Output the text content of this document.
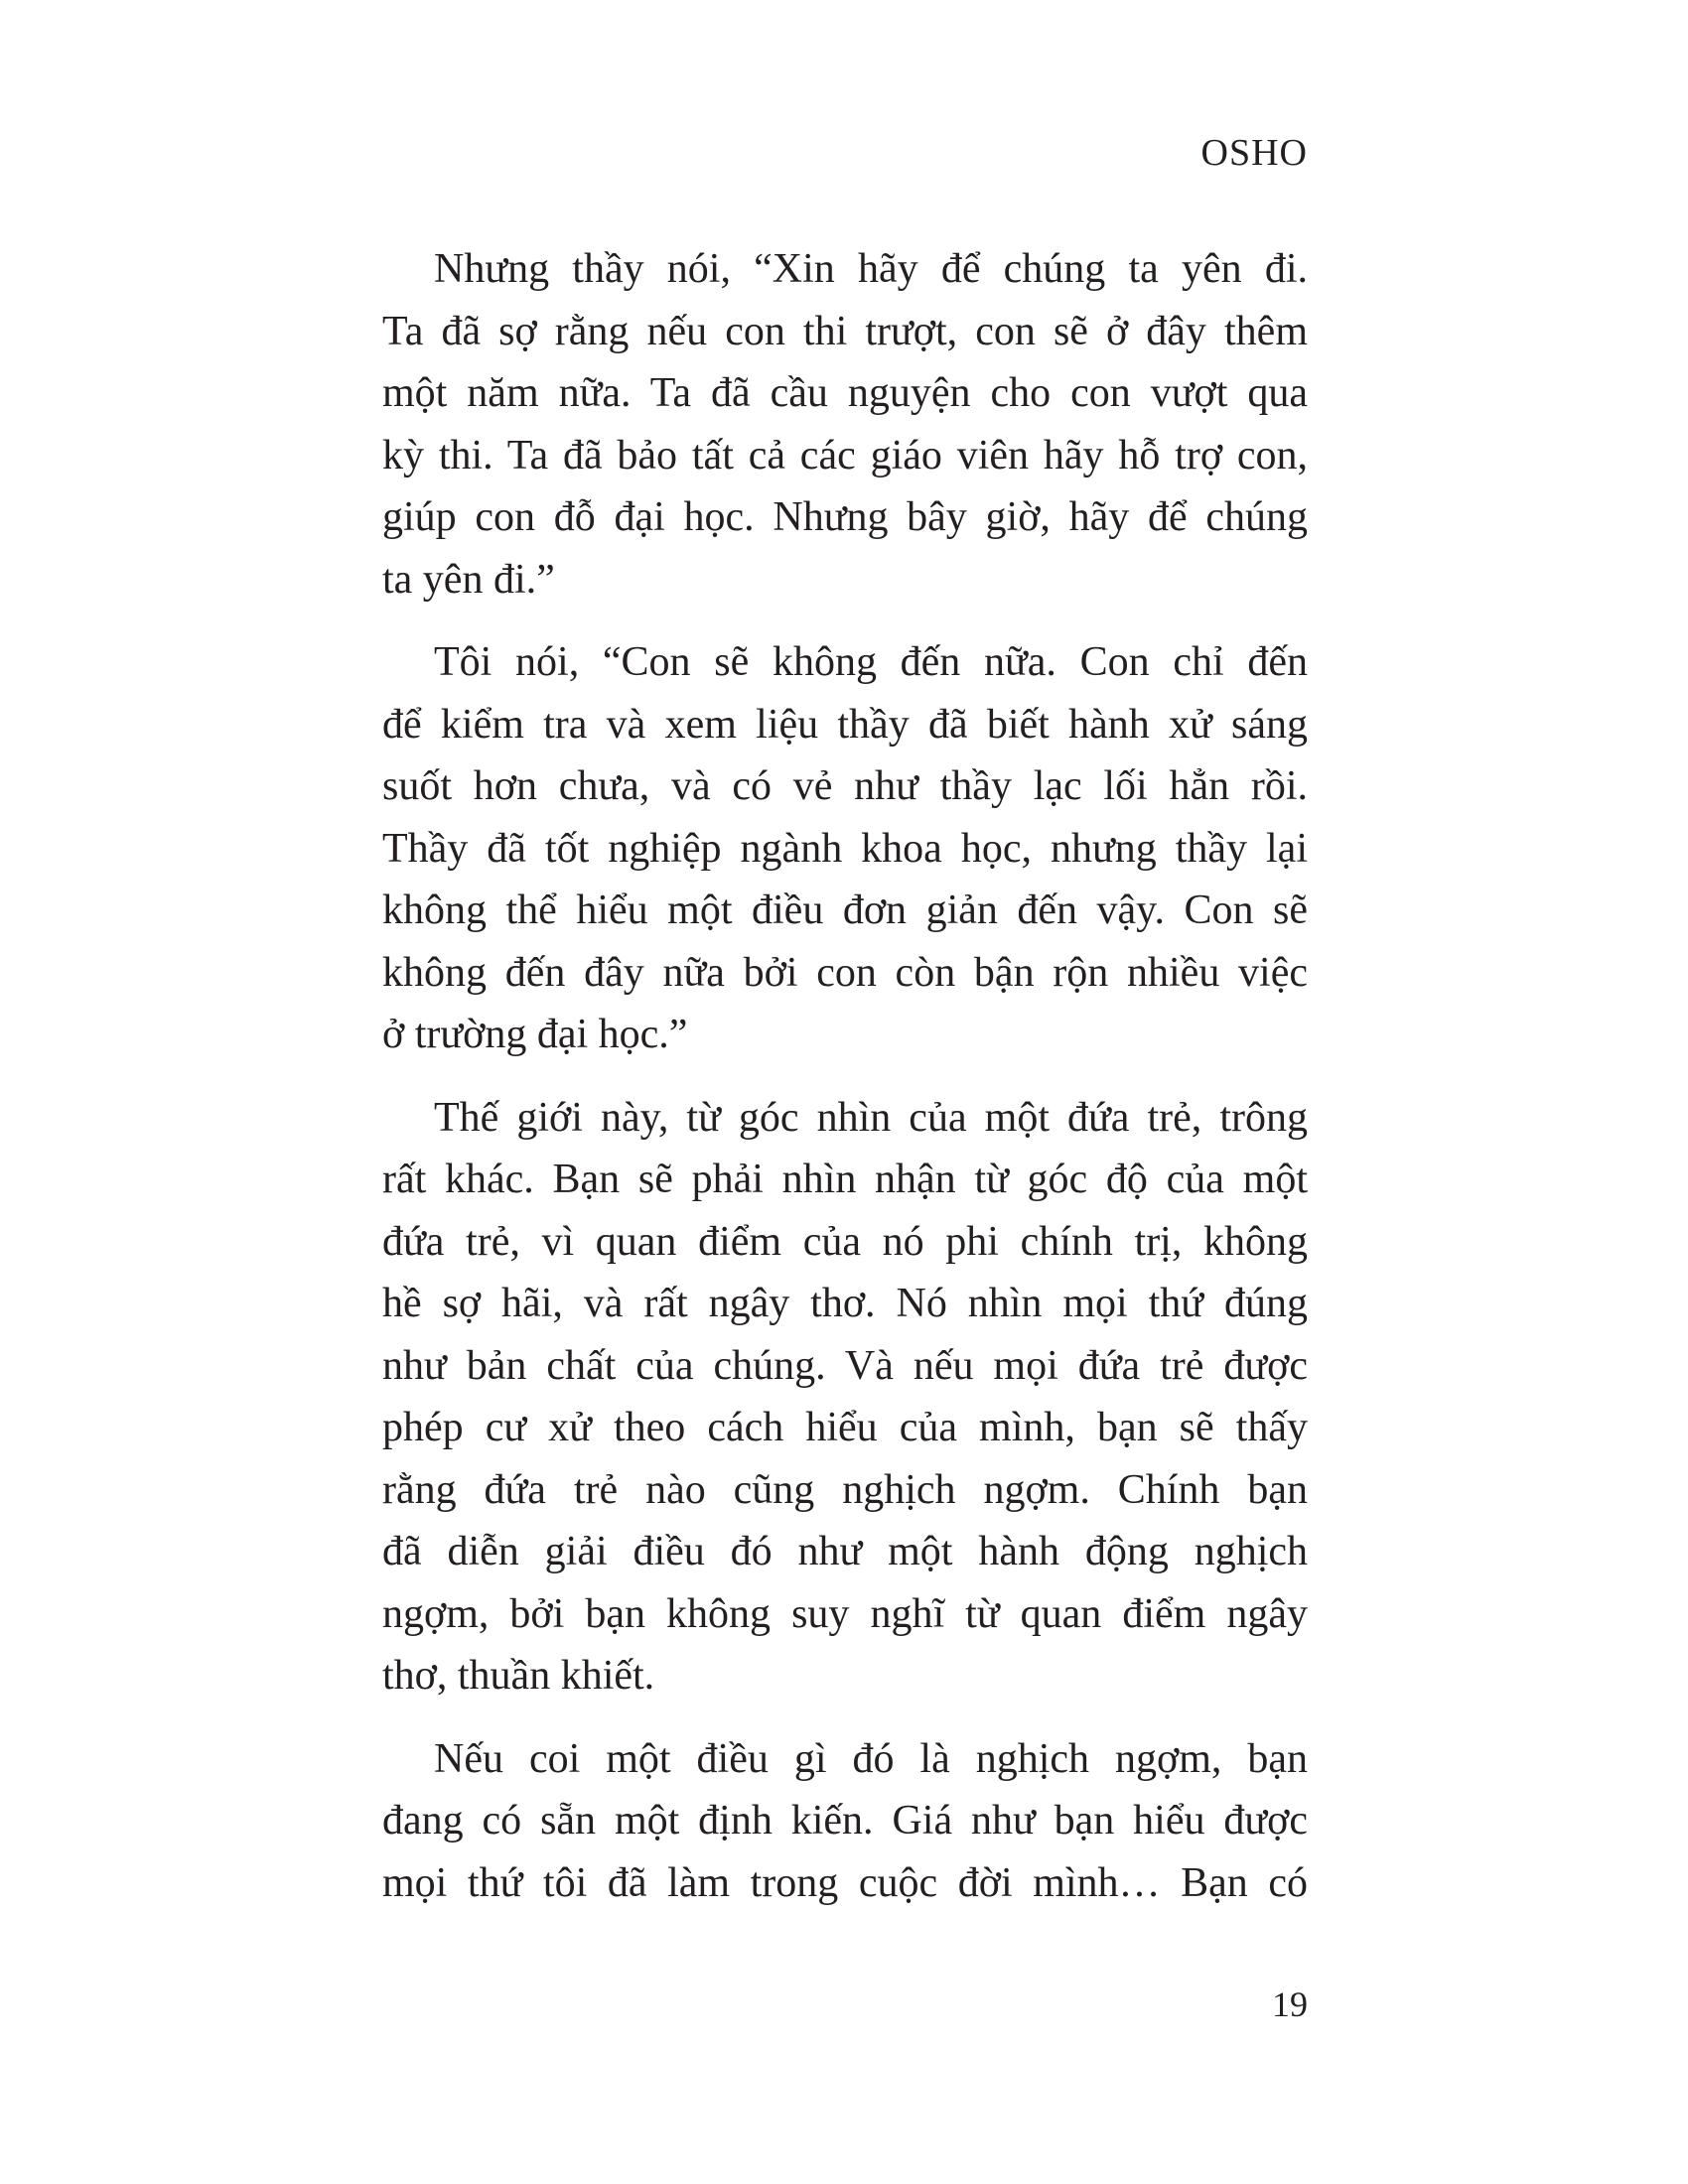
OSHO
Nhưng thầy nói, “Xin hãy để chúng ta yên đi.
Ta đã sợ rằng nếu con thi trượt, con sẽ ở đây thêm
một năm nữa. Ta đã cầu nguyện cho con vượt qua
kỳ thi. Ta đã bảo tất cả các giáo viên hãy hỗ trợ con,
giúp con đỗ đại học. Nhưng bây giờ, hãy để chúng
ta yên đi.”
Tôi nói, “Con sẽ không đến nữa. Con chỉ đến
để kiểm tra và xem liệu thầy đã biết hành xử sáng
suốt hơn chưa, và có vẻ như thầy lạc lối hẳn rồi.
Thầy đã tốt nghiệp ngành khoa học, nhưng thầy lại
không thể hiểu một điều đơn giản đến vậy. Con sẽ
không đến đây nữa bởi con còn bận rộn nhiều việc
ở trường đại học.”
Thế giới này, từ góc nhìn của một đứa trẻ, trông
rất khác. Bạn sẽ phải nhìn nhận từ góc độ của một
đứa trẻ, vì quan điểm của nó phi chính trị, không
hề sợ hãi, và rất ngây thơ. Nó nhìn mọi thứ đúng
như bản chất của chúng. Và nếu mọi đứa trẻ được
phép cư xử theo cách hiểu của mình, bạn sẽ thấy
rằng đứa trẻ nào cũng nghịch ngợm. Chính bạn
đã diễn giải điều đó như một hành động nghịch
ngợm, bởi bạn không suy nghĩ từ quan điểm ngây
thơ, thuần khiết.
Nếu coi một điều gì đó là nghịch ngợm, bạn
đang có sẵn một định kiến. Giá như bạn hiểu được
mọi thứ tôi đã làm trong cuộc đời mình… Bạn có
19
